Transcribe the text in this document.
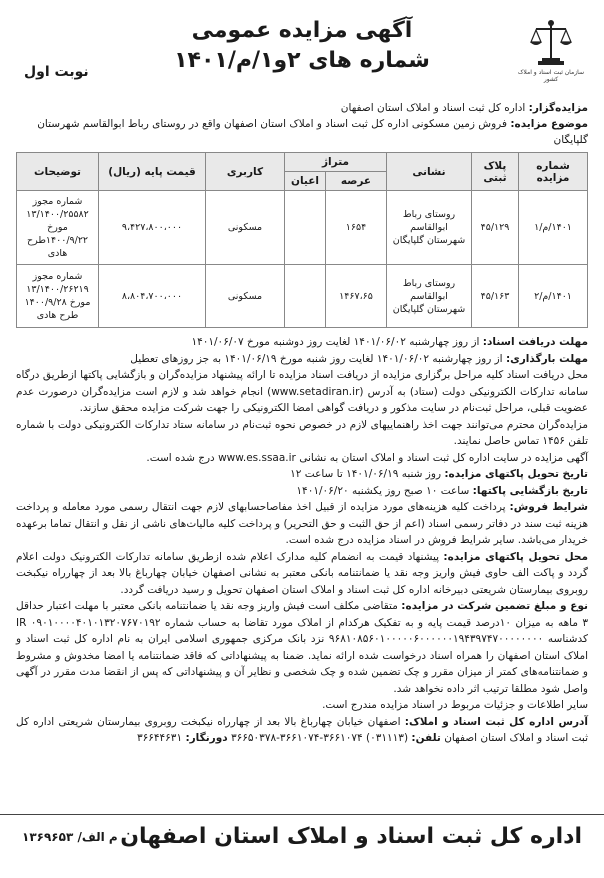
سازمان ثبت اسناد و املاک کشور
آگهی مزایده عمومی
شماره های ۲و۱/م/۱۴۰۱
نوبت اول
مزایده‌گزار: اداره کل ثبت اسناد و املاک استان اصفهان
موضوع مزایده: فروش زمین مسکونی اداره کل ثبت اسناد و املاک استان اصفهان واقع در روستای رباط ابوالقاسم شهرستان گلپایگان
شماره مزایده	پلاک ثبتی	نشانی	متراژ		کاربری	قیمت پایه (ریال)	توضیحات
			عرصه	اعیان			
۱۴۰۱/م/۱	۴۵/۱۲۹	روستای رباط ابوالقاسم شهرستان گلپایگان	۱۶۵۴		مسکونی	۹،۴۲۷،۸۰۰،۰۰۰	شماره مجوز ۱۳/۱۴۰۰/۲۵۵۸۲ مورخ ۱۴۰۰/۹/۲۲طرح هادی
۱۴۰۱/م/۲	۴۵/۱۶۳	روستای رباط ابوالقاسم شهرستان گلپایگان	۱۴۶۷،۶۵		مسکونی	۸،۸۰۴،۷۰۰،۰۰۰	شماره مجوز ۱۳/۱۴۰۰/۲۶۲۱۹ مورخ ۱۴۰۰/۹/۲۸ طرح هادی

مهلت دریافت اسناد: از روز چهارشنبه ۱۴۰۱/۰۶/۰۲ لغایت روز دوشنبه مورخ ۱۴۰۱/۰۶/۰۷

مهلت بارگذاری: از روز چهارشنبه ۱۴۰۱/۰۶/۰۲ لغایت روز شنبه مورخ ۱۴۰۱/۰۶/۱۹ به جز روزهای تعطیل

محل دریافت اسناد کلیه مراحل برگزاری مزایده از دریافت اسناد مزایده تا ارائه پیشنهاد مزایده‌گران و بازگشایی پاکتها ازطریق درگاه سامانه تدارکات الکترونیکی دولت (ستاد) به آدرس (www.setadiran.ir) انجام خواهد شد و لازم است مزایده‌گران درصورت عدم عضویت قبلی، مراحل ثبت‌نام در سایت مذکور و دریافت گواهی امضا الکترونیکی را جهت شرکت مزایده محقق سازند.

مزایده‌گران محترم می‌توانند جهت اخذ راهنماییهای لازم در خصوص نحوه ثبت‌نام در سامانه ستاد تدارکات الکترونیکی دولت با شماره تلفن ۱۴۵۶ تماس حاصل نمایند.

آگهی مزایده در سایت اداره کل ثبت اسناد و املاک استان به نشانی www.es.ssaa.ir درج شده است.

تاریخ تحویل پاکتهای مزایده: روز شنبه ۱۴۰۱/۰۶/۱۹ تا ساعت ۱۲

تاریخ بازگشایی پاکتها: ساعت ۱۰ صبح روز یکشنبه ۱۴۰۱/۰۶/۲۰

شرایط فروش: پرداخت کلیه هزینه‌های مورد مزایده از قبیل اخذ مفاصاحسابهای لازم جهت انتقال رسمی مورد معامله و پرداخت هزینه ثبت سند در دفاتر رسمی اسناد (اعم از حق الثبت و حق التحریر) و پرداخت کلیه مالیات‌های ناشی از نقل و انتقال تماما برعهده خریدار می‌باشد. سایر شرایط فروش در اسناد مزایده درج شده است.

محل تحویل پاکتهای مزایده: پیشنهاد قیمت به انضمام کلیه مدارک اعلام شده ازطریق سامانه تدارکات الکترونیک دولت اعلام گردد و پاکت الف حاوی فیش واریز وجه نقد یا ضمانتنامه بانکی معتبر به نشانی اصفهان خیابان چهارباغ بالا بعد از چهارراه نیکبخت روبروی بیمارستان شریعتی دبیرخانه اداره کل ثبت اسناد و املاک استان اصفهان تحویل و رسید دریافت گردد.

نوع و مبلغ تضمین شرکت در مزایده: متقاضی مکلف است فیش واریز وجه نقد یا ضمانتنامه بانکی معتبر با مهلت اعتبار حداقل ۳ ماهه به میزان ۱۰درصد قیمت پایه و به تفکیک هرکدام از املاک مورد تقاضا به حساب شماره IR ۰۹۰۱۰۰۰۰۴۰۱۰۱۳۲۰۷۶۷۰۱۹۲ کدشناسه ۹۶۸۱۰۸۵۶۰۱۰۰۰۰۰۶۰۰۰۰۰۰۱۹۴۳۹۷۴۷۰۰۰۰۰۰۰۰ نزد بانک مرکزی جمهوری اسلامی ایران به نام اداره کل ثبت اسناد و املاک استان اصفهان را همراه اسناد درخواست شده ارائه نماید. ضمنا به پیشنهاداتی که فاقد ضمانتنامه یا امضا مخدوش و مشروط و ضمانتنامه‌های کمتر از میزان مقرر و چک تضمین شده و چک شخصی و نظایر آن و پیشنهاداتی که پس از انقضا مدت مقرر در آگهی واصل شود مطلقا ترتیب اثر داده نخواهد شد.

سایر اطلاعات و جزئیات مربوط در اسناد مزایده مندرج است.

آدرس اداره کل ثبت اسناد و املاک: اصفهان خیابان چهارباغ بالا بعد از چهارراه نیکبخت روبروی بیمارستان شریعتی اداره کل ثبت اسناد و املاک استان اصفهان تلفن: (۰۳۱۱۱۳) ۳۶۶۱۰۷۴-۳۶۶۱۰۷۴-۳۶۶۵۰۳۷۸ دورنگار: ۳۶۶۴۴۶۳۱

اداره کل ثبت اسناد و املاک استان اصفهان
م الف/ ۱۳۶۹۶۵۳
